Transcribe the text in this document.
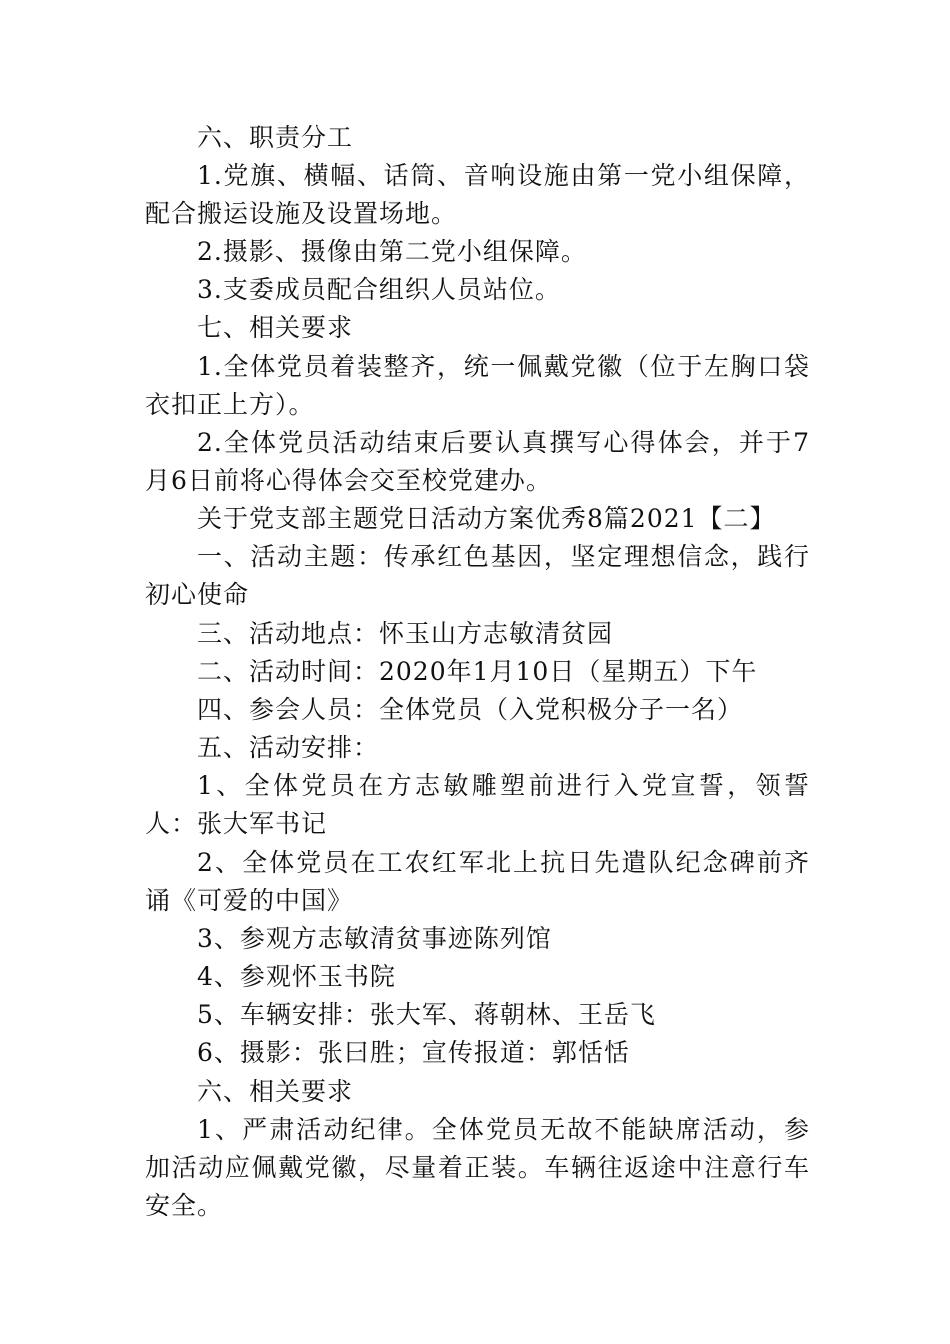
六、职责分工

1.党旗、横幅、话筒、音响设施由第一党小组保障，配合搬运设施及设置场地。

2.摄影、摄像由第二党小组保障。

3.支委成员配合组织人员站位。

七、相关要求

1.全体党员着装整齐，统一佩戴党徽（位于左胸口袋衣扣正上方）。

2.全体党员活动结束后要认真撰写心得体会，并于7月6日前将心得体会交至校党建办。

关于党支部主题党日活动方案优秀8篇2021【二】

一、活动主题：传承红色基因，坚定理想信念，践行初心使命

三、活动地点：怀玉山方志敏清贫园

二、活动时间：2020年1月10日（星期五）下午

四、参会人员：全体党员（入党积极分子一名）

五、活动安排：

1、全体党员在方志敏雕塑前进行入党宣誓，领誓人：张大军书记

2、全体党员在工农红军北上抗日先遣队纪念碑前齐诵《可爱的中国》

3、参观方志敏清贫事迹陈列馆

4、参观怀玉书院

5、车辆安排：张大军、蒋朝林、王岳飞

6、摄影：张曰胜；宣传报道：郭恬恬

六、相关要求

1、严肃活动纪律。全体党员无故不能缺席活动，参加活动应佩戴党徽，尽量着正装。车辆往返途中注意行车安全。
